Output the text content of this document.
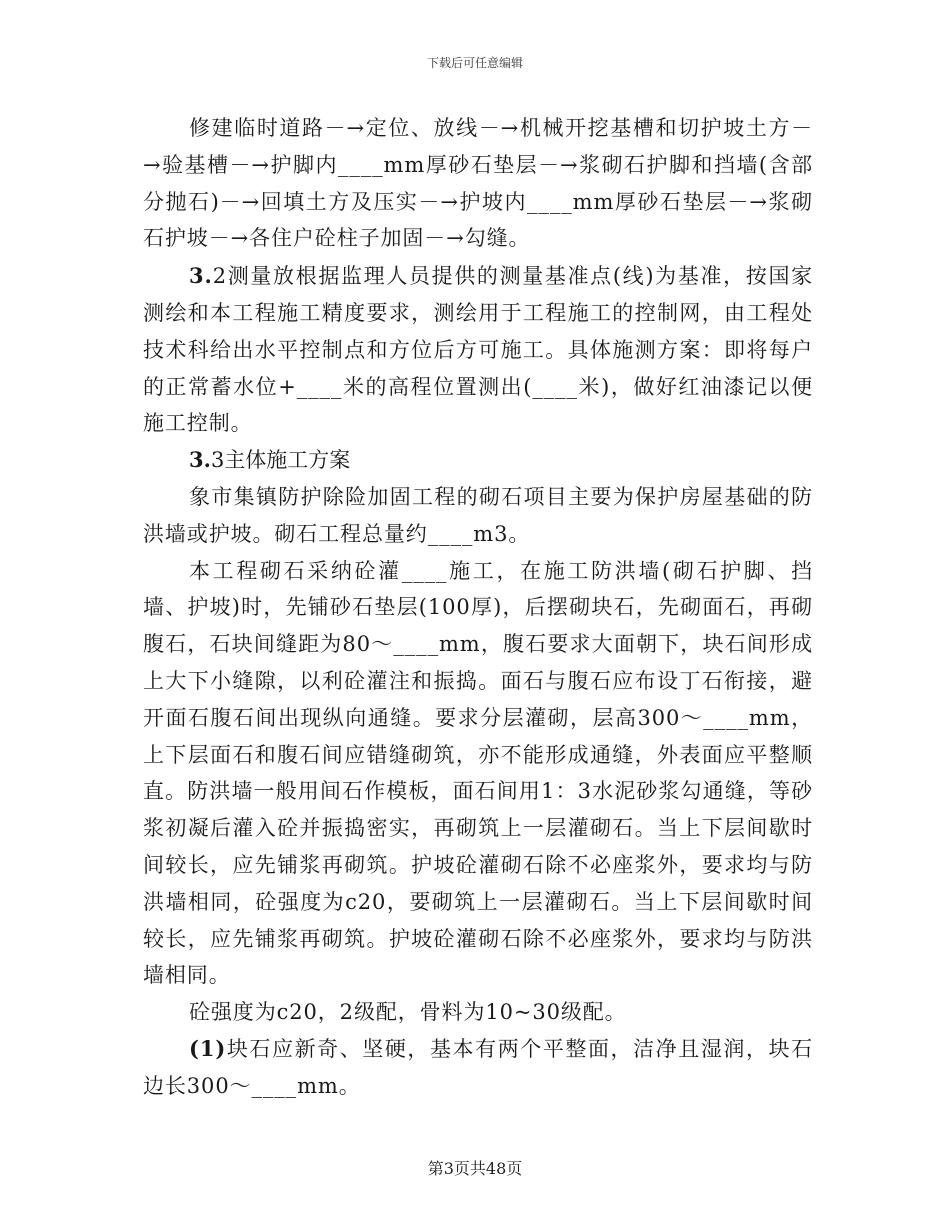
下载后可任意编辑

修建临时道路－→定位、放线－→机械开挖基槽和切护坡土方－→验基槽－→护脚内____mm厚砂石垫层－→浆砌石护脚和挡墙(含部分抛石)－→回填土方及压实－→护坡内____mm厚砂石垫层－→浆砌石护坡－→各住户砼柱子加固－→勾缝。

3.2测量放根据监理人员提供的测量基准点(线)为基准，按国家测绘和本工程施工精度要求，测绘用于工程施工的控制网，由工程处技术科给出水平控制点和方位后方可施工。具体施测方案：即将每户的正常蓄水位+____米的高程位置测出(____米)，做好红油漆记以便施工控制。

3.3主体施工方案

象市集镇防护除险加固工程的砌石项目主要为保护房屋基础的防洪墙或护坡。砌石工程总量约____m3。

本工程砌石采纳砼灌____施工，在施工防洪墙(砌石护脚、挡墙、护坡)时，先铺砂石垫层(100厚)，后摆砌块石，先砌面石，再砌腹石，石块间缝距为80～____mm，腹石要求大面朝下，块石间形成上大下小缝隙，以利砼灌注和振捣。面石与腹石应布设丁石衔接，避开面石腹石间出现纵向通缝。要求分层灌砌，层高300～____mm，上下层面石和腹石间应错缝砌筑，亦不能形成通缝，外表面应平整顺直。防洪墙一般用间石作模板，面石间用1：3水泥砂浆勾通缝，等砂浆初凝后灌入砼并振捣密实，再砌筑上一层灌砌石。当上下层间歇时间较长，应先铺浆再砌筑。护坡砼灌砌石除不必座浆外，要求均与防洪墙相同，砼强度为c20，要砌筑上一层灌砌石。当上下层间歇时间较长，应先铺浆再砌筑。护坡砼灌砌石除不必座浆外，要求均与防洪墙相同。

砼强度为c20，2级配，骨料为10~30级配。

(1)块石应新奇、坚硬，基本有两个平整面，洁净且湿润，块石边长300～____mm。

第3页共48页
